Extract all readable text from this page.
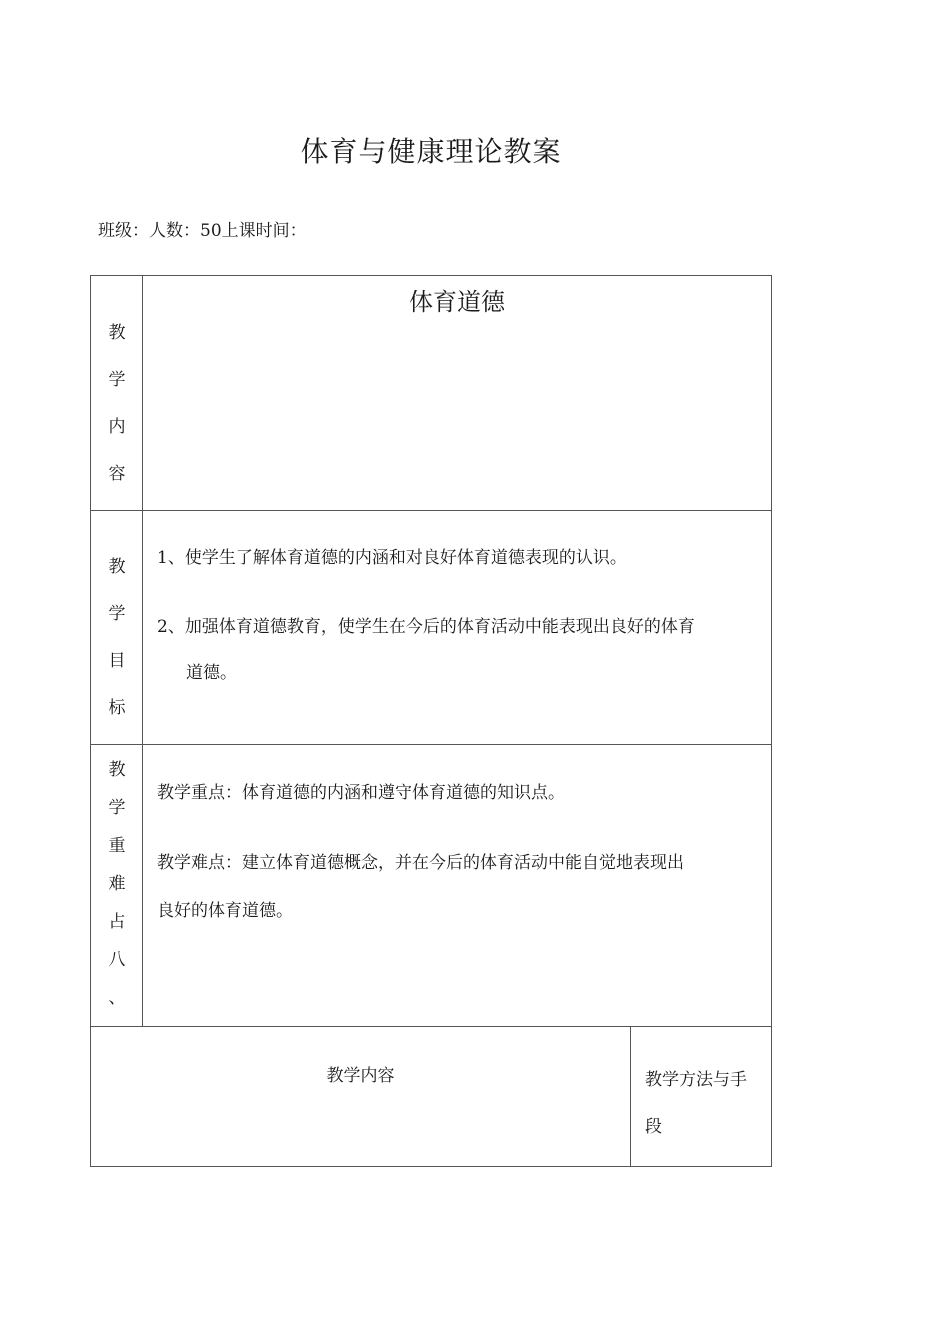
体育与健康理论教案
班级：人数：50上课时间：
教
学
内
容
体育道德
教
学
目
标
1、使学生了解体育道德的内涵和对良好体育道德表现的认识。
2、加强体育道德教育，使学生在今后的体育活动中能表现出良好的体育
道德。
教
学
重
难
占
八
、
教学重点：体育道德的内涵和遵守体育道德的知识点。
教学难点：建立体育道德概念，并在今后的体育活动中能自觉地表现出
良好的体育道德。
教学内容	教学方法与手
段
